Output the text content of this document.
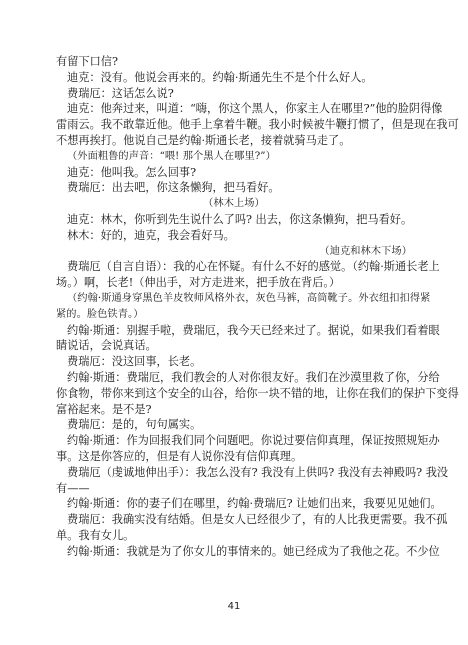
有留下口信?
迪克：没有。他说会再来的。约翰·斯通先生不是个什么好人。
费瑞厄：这话怎么说?
迪克：他奔过来，叫道：“嗨，你这个黑人，你家主人在哪里?”他的脸阴得像
雷雨云。我不敢靠近他。他手上拿着牛鞭。我小时候被牛鞭打惯了，但是现在我可
不想再挨打。他说自己是约翰·斯通长老，接着就骑马走了。
（外面粗鲁的声音：“喂! 那个黑人在哪里?”）
迪克：他叫我。怎么回事?
费瑞厄：出去吧，你这条懒狗，把马看好。
（林木上场）
迪克：林木，你听到先生说什么了吗? 出去，你这条懒狗，把马看好。
林木：好的，迪克，我会看好马。
（迪克和林木下场）
费瑞厄（自言自语）：我的心在怀疑。有什么不好的感觉。（约翰·斯通长老上
场。）啊，长老!（伸出手，对方走进来，把手放在背后。）
（约翰·斯通身穿黑色羊皮牧师风格外衣，灰色马裤，高筒靴子。外衣纽扣扣得紧
紧的。脸色铁青。）
约翰·斯通：别握手啦，费瑞厄，我今天已经来过了。据说，如果我们看着眼
睛说话，会说真话。
费瑞厄：没这回事，长老。
约翰·斯通：费瑞厄，我们教会的人对你很友好。我们在沙漠里救了你，分给
你食物，带你来到这个安全的山谷，给你一块不错的地，让你在我们的保护下变得
富裕起来。是不是?
费瑞厄：是的，句句属实。
约翰·斯通：作为回报我们同个问题吧。你说过要信仰真理，保证按照规矩办
事。这是你答应的，但是有人说你没有信仰真理。
费瑞厄（虔诚地伸出手）：我怎么没有? 我没有上供吗? 我没有去神殿吗? 我没
有——
约翰·斯通：你的妻子们在哪里，约翰·费瑞厄? 让她们出来，我要见见她们。
费瑞厄：我确实没有结婚。但是女人已经很少了，有的人比我更需要。我不孤
单。我有女儿。
约翰·斯通：我就是为了你女儿的事情来的。她已经成为了我他之花。不少位
41
